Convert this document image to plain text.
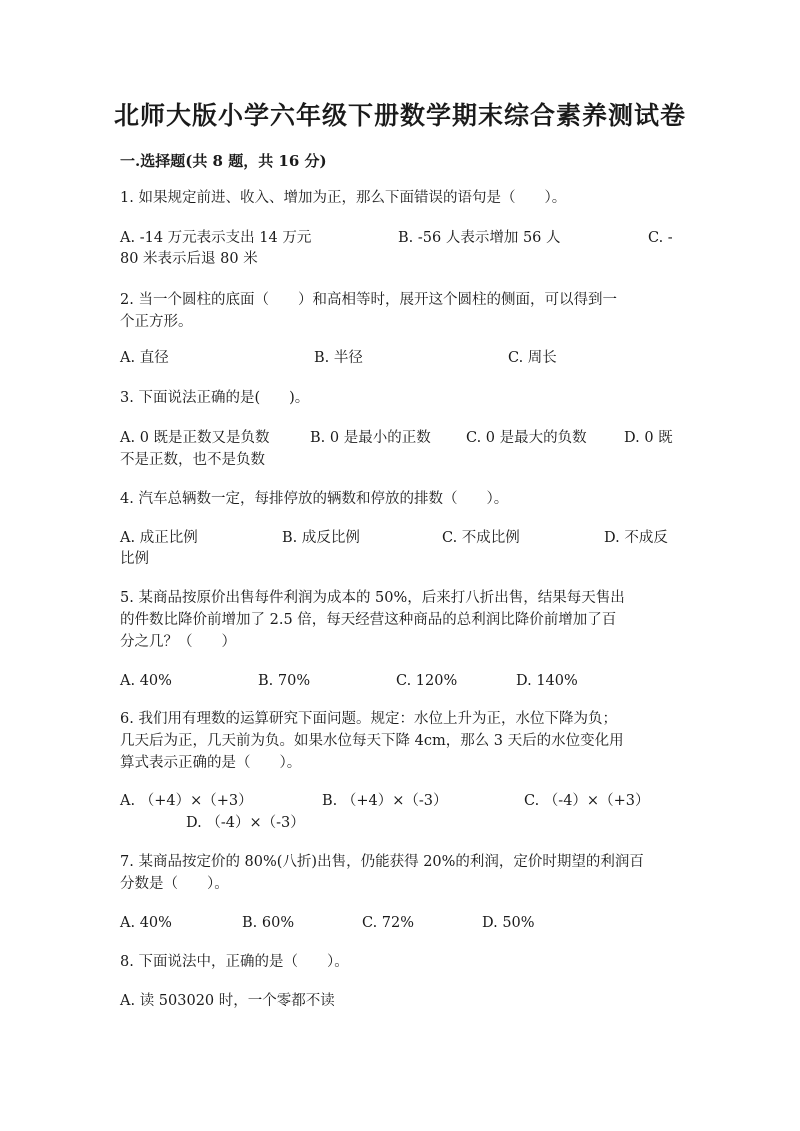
北师大版小学六年级下册数学期末综合素养测试卷
一.选择题(共 8 题，共 16 分)
1. 如果规定前进、收入、增加为正，那么下面错误的语句是（　　）。
A. -14 万元表示支出 14 万元	B. -56 人表示增加 56 人	C. -
80 米表示后退 80 米
2. 当一个圆柱的底面（　　）和高相等时，展开这个圆柱的侧面，可以得到一
个正方形。
A. 直径	B. 半径	C. 周长
3. 下面说法正确的是(　　)。
A. 0 既是正数又是负数	B. 0 是最小的正数 C. 0 是最大的负数	D. 0 既
不是正数，也不是负数
4. 汽车总辆数一定，每排停放的辆数和停放的排数（　　）。
A. 成正比例	B. 成反比例	C. 不成比例	D. 不成反
比例
5. 某商品按原价出售每件利润为成本的 50%，后来打八折出售，结果每天售出
的件数比降价前增加了 2.5 倍，每天经营这种商品的总利润比降价前增加了百
分之几？（　　）
A. 40%	B. 70%	C. 120%	D. 140%
6. 我们用有理数的运算研究下面问题。规定：水位上升为正，水位下降为负；
几天后为正，几天前为负。如果水位每天下降 4cm，那么 3 天后的水位变化用
算式表示正确的是（　　）。
A. （+4）×（+3）	B. （+4）×（-3）	C. （-4）×（+3）
D. （-4）×（-3）
7. 某商品按定价的 80%(八折)出售，仍能获得 20%的利润，定价时期望的利润百
分数是（　　）。
A. 40%	B. 60%	C. 72%	D. 50%
8. 下面说法中，正确的是（　　）。
A. 读 503020 时，一个零都不读
